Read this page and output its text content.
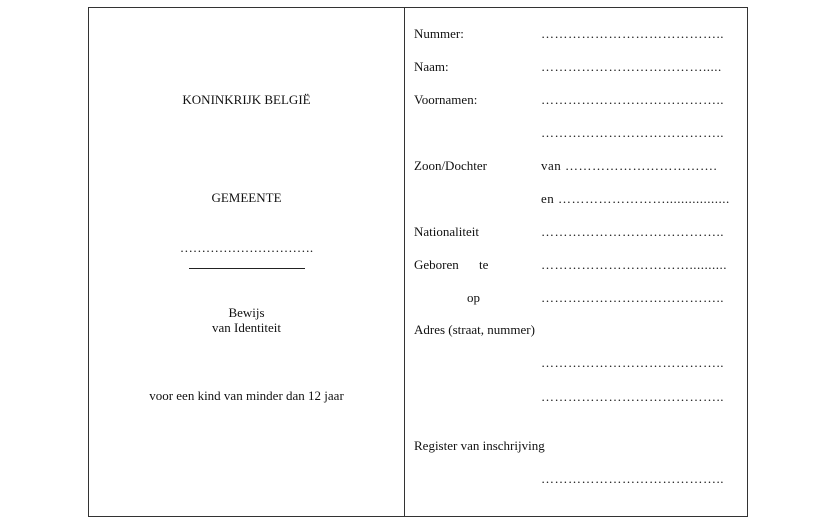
KONINKRIJK BELGIË
GEMEENTE
………………………….
Bewijs
van Identiteit
voor een kind van minder dan 12 jaar
Nummer:	…………………………………..
Naam:	……………………………….....
Voornamen:	…………………………………..
…………………………………..
Zoon/Dochter	van …………………………….
en …………………….................
Nationaliteit	…………………………………..
Geboren te	……………………………..........
op	…………………………………..
Adres (straat, nummer)
…………………………………..
…………………………………..
Register van inschrijving
…………………………………..
